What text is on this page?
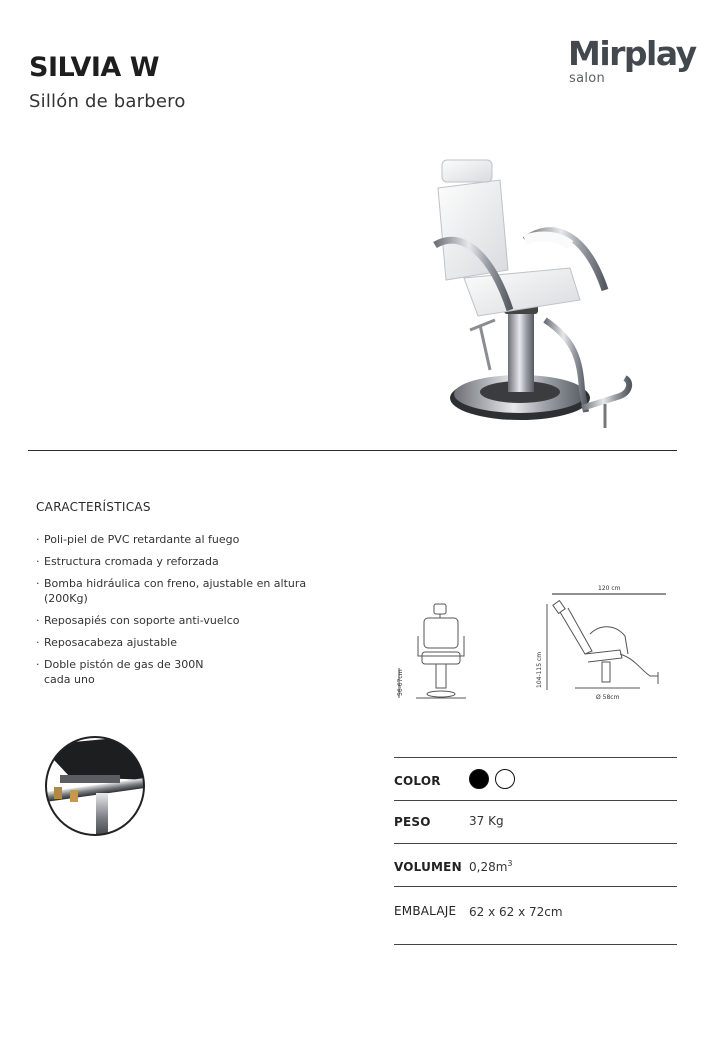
SILVIA W
Sillón de barbero
Mirplay
salon
CARACTERÍSTICAS
· Poli-piel de PVC retardante al fuego
· Estructura cromada y reforzada
· Bomba hidráulica con freno, ajustable en altura (200Kg)
· Reposapiés con soporte anti-vuelco
· Reposacabeza ajustable
· Doble pistón de gas de 300N cada uno	56-67cm
120 cm
104-115 cm
Ø 58cm
COLOR

PESO	37 Kg
VOLUMEN $0,28m^3$
EMBALAJE 62 x 62 x 72cm
